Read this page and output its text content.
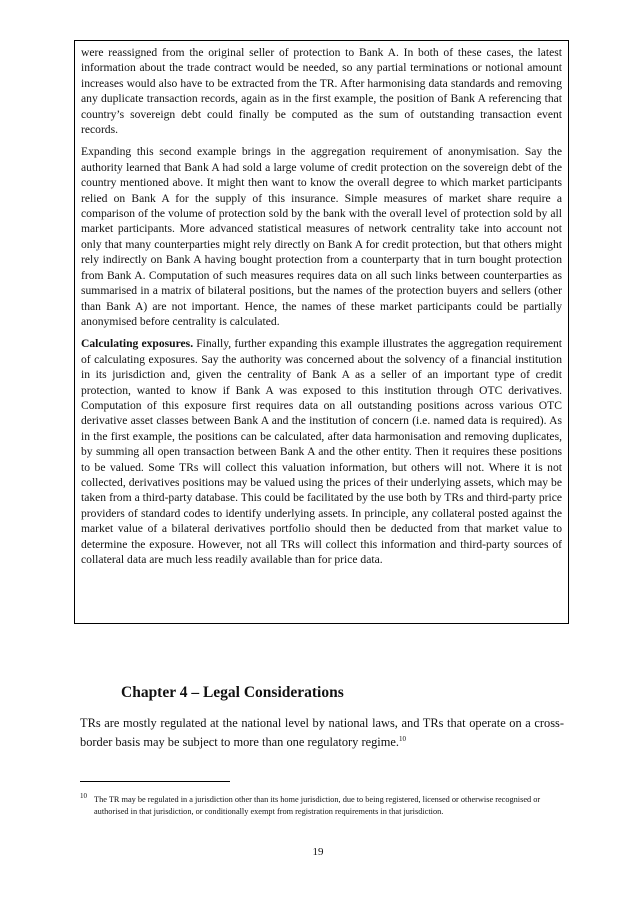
were reassigned from the original seller of protection to Bank A. In both of these cases, the latest information about the trade contract would be needed, so any partial terminations or notional amount increases would also have to be extracted from the TR. After harmonising data standards and removing any duplicate transaction records, again as in the first example, the position of Bank A referencing that country’s sovereign debt could finally be computed as the sum of outstanding transaction event records.

Expanding this second example brings in the aggregation requirement of anonymisation. Say the authority learned that Bank A had sold a large volume of credit protection on the sovereign debt of the country mentioned above. It might then want to know the overall degree to which market participants relied on Bank A for the supply of this insurance. Simple measures of market share require a comparison of the volume of protection sold by the bank with the overall level of protection sold by all market participants. More advanced statistical measures of network centrality take into account not only that many counterparties might rely directly on Bank A for credit protection, but that others might rely indirectly on Bank A having bought protection from a counterparty that in turn bought protection from Bank A. Computation of such measures requires data on all such links between counterparties as summarised in a matrix of bilateral positions, but the names of the protection buyers and sellers (other than Bank A) are not important. Hence, the names of these market participants could be partially anonymised before centrality is calculated.

Calculating exposures. Finally, further expanding this example illustrates the aggregation requirement of calculating exposures. Say the authority was concerned about the solvency of a financial institution in its jurisdiction and, given the centrality of Bank A as a seller of an important type of credit protection, wanted to know if Bank A was exposed to this institution through OTC derivatives. Computation of this exposure first requires data on all outstanding positions across various OTC derivative asset classes between Bank A and the institution of concern (i.e. named data is required). As in the first example, the positions can be calculated, after data harmonisation and removing duplicates, by summing all open transaction between Bank A and the other entity. Then it requires these positions to be valued. Some TRs will collect this valuation information, but others will not. Where it is not collected, derivatives positions may be valued using the prices of their underlying assets, which may be taken from a third-party database. This could be facilitated by the use both by TRs and third-party price providers of standard codes to identify underlying assets. In principle, any collateral posted against the market value of a bilateral derivatives portfolio should then be deducted from that market value to determine the exposure. However, not all TRs will collect this information and third-party sources of collateral data are much less readily available than for price data.

Chapter 4 – Legal Considerations

TRs are mostly regulated at the national level by national laws, and TRs that operate on a cross-border basis may be subject to more than one regulatory regime.$^{10}$

$^{10}$ The TR may be regulated in a jurisdiction other than its home jurisdiction, due to being registered, licensed or otherwise recognised or authorised in that jurisdiction, or conditionally exempt from registration requirements in that jurisdiction.

19
